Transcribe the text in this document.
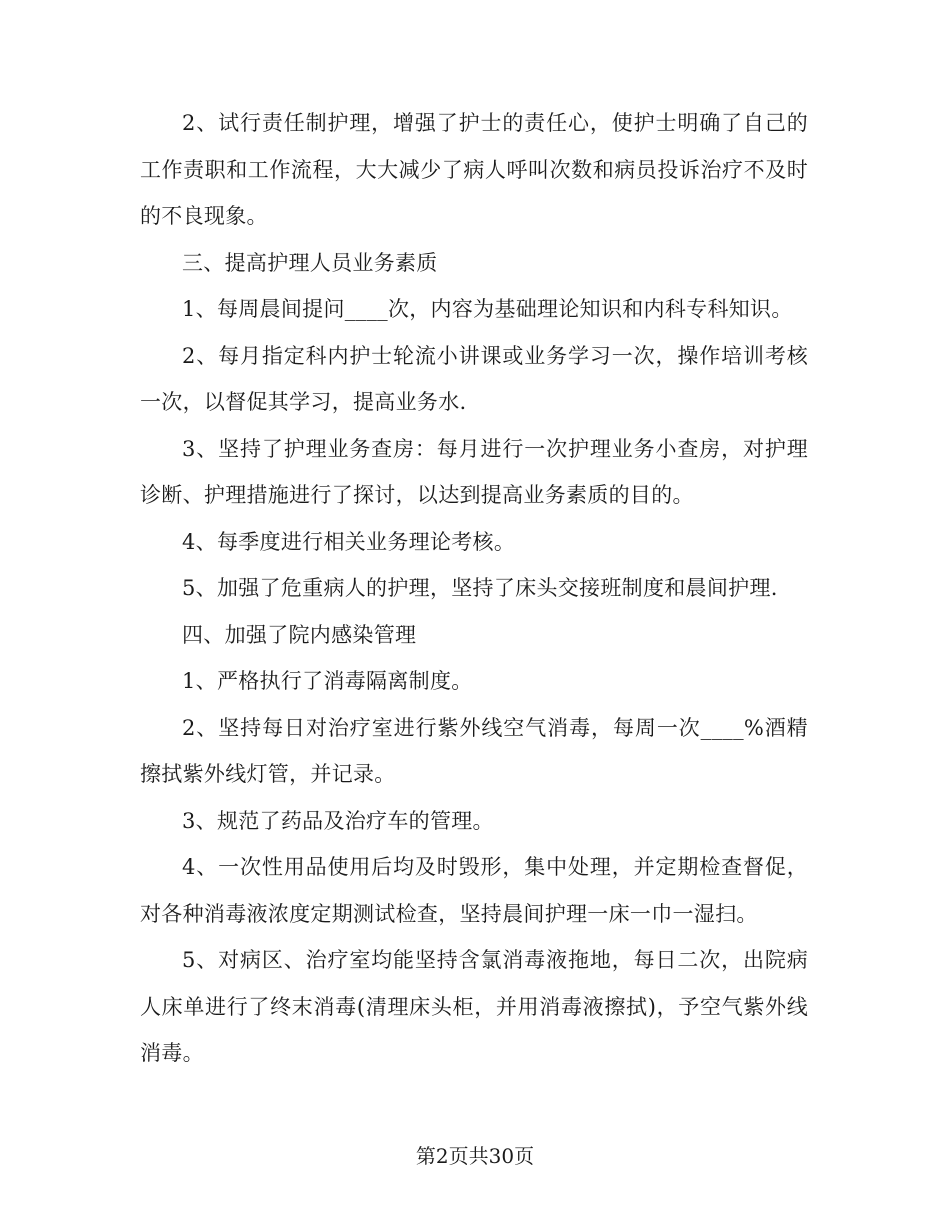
2、试行责任制护理，增强了护士的责任心，使护士明确了自己的工作责职和工作流程，大大减少了病人呼叫次数和病员投诉治疗不及时的不良现象。

三、提高护理人员业务素质

1、每周晨间提问____次，内容为基础理论知识和内科专科知识。

2、每月指定科内护士轮流小讲课或业务学习一次，操作培训考核一次，以督促其学习，提高业务水.

3、坚持了护理业务查房：每月进行一次护理业务小查房，对护理诊断、护理措施进行了探讨，以达到提高业务素质的目的。

4、每季度进行相关业务理论考核。

5、加强了危重病人的护理，坚持了床头交接班制度和晨间护理.

四、加强了院内感染管理

1、严格执行了消毒隔离制度。

2、坚持每日对治疗室进行紫外线空气消毒，每周一次____%酒精擦拭紫外线灯管，并记录。

3、规范了药品及治疗车的管理。

4、一次性用品使用后均及时毁形，集中处理，并定期检查督促，对各种消毒液浓度定期测试检查，坚持晨间护理一床一巾一湿扫。

5、对病区、治疗室均能坚持含氯消毒液拖地，每日二次，出院病人床单进行了终末消毒(清理床头柜，并用消毒液擦拭)，予空气紫外线消毒。

第2页共30页
